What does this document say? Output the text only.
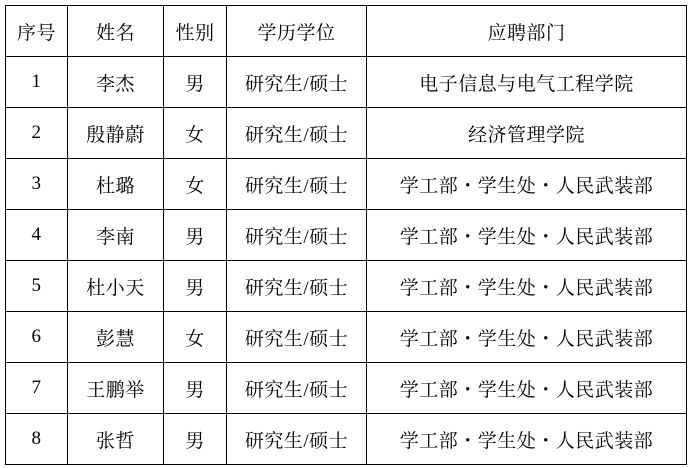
序号	姓名	性别	学历学位	应聘部门
1	李杰	男	研究生/硕士	电子信息与电气工程学院
2	殷静蔚	女	研究生/硕士	经济管理学院
3	杜璐	女	研究生/硕士	学工部・学生处・人民武装部
4	李南	男	研究生/硕士	学工部・学生处・人民武装部
5	杜小天	男	研究生/硕士	学工部・学生处・人民武装部
6	彭慧	女	研究生/硕士	学工部・学生处・人民武装部
7	王鹏举	男	研究生/硕士	学工部・学生处・人民武装部
8	张哲	男	研究生/硕士	学工部・学生处・人民武装部
